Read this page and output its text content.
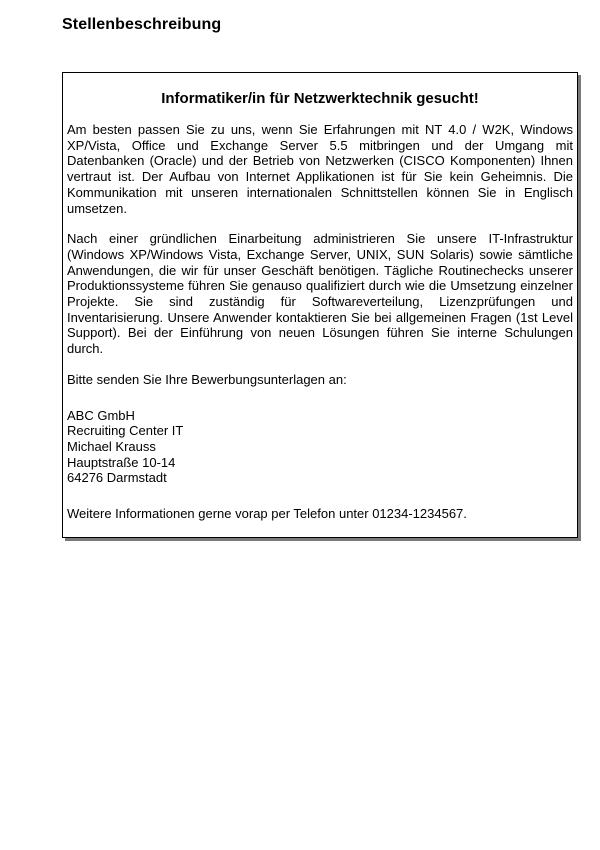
Stellenbeschreibung
Informatiker/in für Netzwerktechnik gesucht!

Am besten passen Sie zu uns, wenn Sie Erfahrungen mit NT 4.0 / W2K, Windows XP/Vista, Office und Exchange Server 5.5 mitbringen und der Umgang mit Datenbanken (Oracle) und der Betrieb von Netzwerken (CISCO Komponenten) Ihnen vertraut ist. Der Aufbau von Internet Applikationen ist für Sie kein Geheimnis. Die Kommunikation mit unseren internationalen Schnittstellen können Sie in Englisch umsetzen.

Nach einer gründlichen Einarbeitung administrieren Sie unsere IT-Infrastruktur (Windows XP/Windows Vista, Exchange Server, UNIX, SUN Solaris) sowie sämtliche Anwendungen, die wir für unser Geschäft benötigen. Tägliche Routinechecks unserer Produktionssysteme führen Sie genauso qualifiziert durch wie die Umsetzung einzelner Projekte. Sie sind zuständig für Softwareverteilung, Lizenzprüfungen und Inventarisierung. Unsere Anwender kontaktieren Sie bei allgemeinen Fragen (1st Level Support). Bei der Einführung von neuen Lösungen führen Sie interne Schulungen durch.

Bitte senden Sie Ihre Bewerbungsunterlagen an:

ABC GmbH
Recruiting Center IT
Michael Krauss
Hauptstraße 10-14
64276 Darmstadt

Weitere Informationen gerne vorap per Telefon unter 01234-1234567.
